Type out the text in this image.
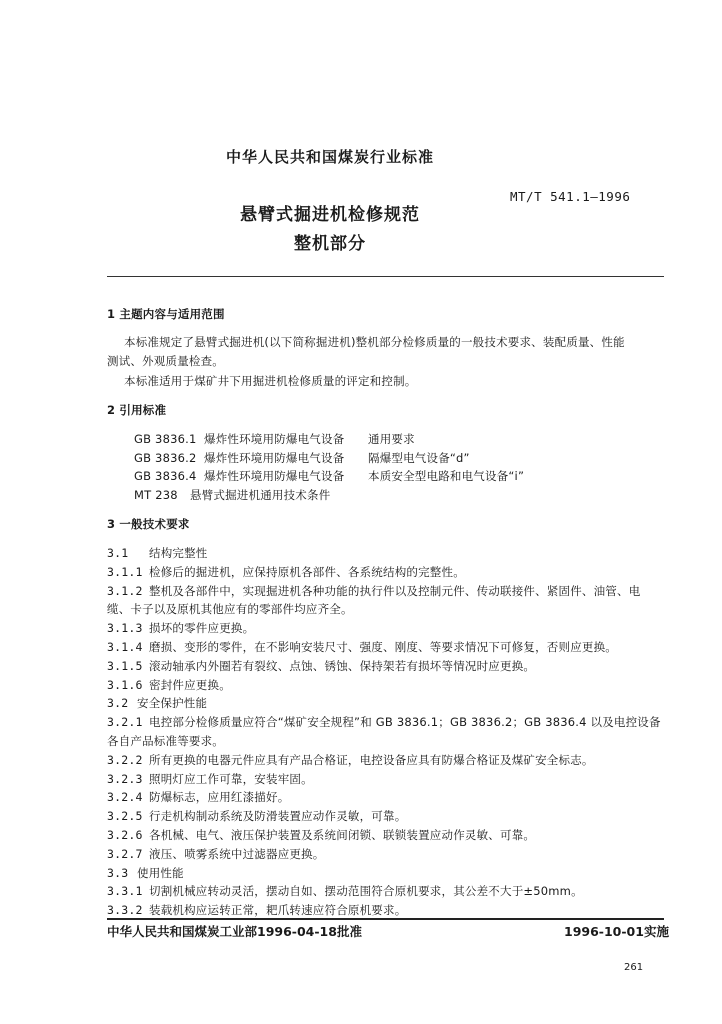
中华人民共和国煤炭行业标准
MT/T 541.1—1996
悬臂式掘进机检修规范
整机部分
1 主题内容与适用范围
本标准规定了悬臂式掘进机(以下简称掘进机)整机部分检修质量的一般技术要求、装配质量、性能
测试、外观质量检查。
本标准适用于煤矿井下用掘进机检修质量的评定和控制。
2 引用标准
GB 3836.1 爆炸性环境用防爆电气设备 通用要求
GB 3836.2 爆炸性环境用防爆电气设备 隔爆型电气设备“d”
GB 3836.4 爆炸性环境用防爆电气设备 本质安全型电路和电气设备“i”
MT 238 悬臂式掘进机通用技术条件
3 一般技术要求
3.1 结构完整性
3.1.1 检修后的掘进机，应保持原机各部件、各系统结构的完整性。
3.1.2 整机及各部件中，实现掘进机各种功能的执行件以及控制元件、传动联接件、紧固件、油管、电
缆、卡子以及原机其他应有的零部件均应齐全。
3.1.3 损坏的零件应更换。
3.1.4 磨损、变形的零件，在不影响安装尺寸、强度、刚度、等要求情况下可修复，否则应更换。
3.1.5 滚动轴承内外圈若有裂纹、点蚀、锈蚀、保持架若有损坏等情况时应更换。
3.1.6 密封件应更换。
3.2 安全保护性能
3.2.1 电控部分检修质量应符合“煤矿安全规程”和 GB 3836.1；GB 3836.2；GB 3836.4 以及电控设备
各自产品标准等要求。
3.2.2 所有更换的电器元件应具有产品合格证，电控设备应具有防爆合格证及煤矿安全标志。
3.2.3 照明灯应工作可靠，安装牢固。
3.2.4 防爆标志，应用红漆描好。
3.2.5 行走机构制动系统及防滑装置应动作灵敏，可靠。
3.2.6 各机械、电气、液压保护装置及系统间闭锁、联锁装置应动作灵敏、可靠。
3.2.7 液压、喷雾系统中过滤器应更换。
3.3 使用性能
3.3.1 切割机械应转动灵活，摆动自如、摆动范围符合原机要求，其公差不大于±50mm。
3.3.2 装载机构应运转正常，耙爪转速应符合原机要求。
中华人民共和国煤炭工业部1996-04-18批准	1996-10-01实施
261
